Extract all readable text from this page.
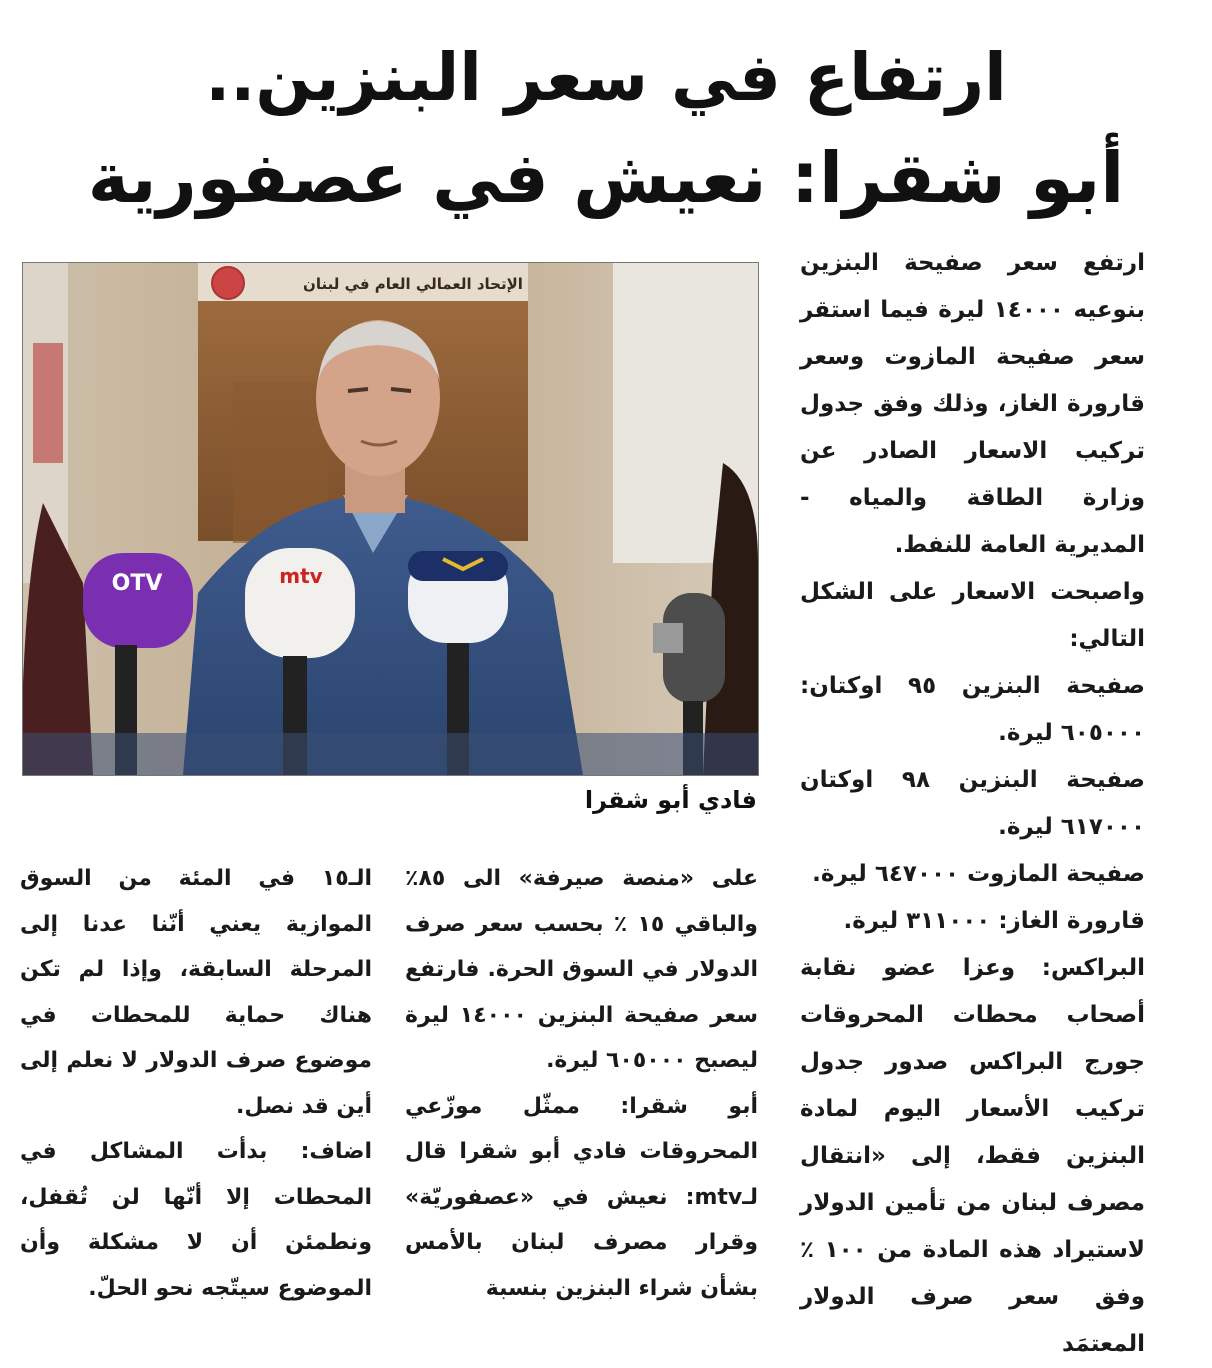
ارتفاع في سعر البنزين..
أبو شقرا: نعيش في عصفورية

ارتفع سعر صفيحة البنزين بنوعيه ١٤٠٠٠ ليرة فيما استقر سعر صفيحة المازوت وسعر قارورة الغاز، وذلك وفق جدول تركيب الاسعار الصادر عن وزارة الطاقة والمياه - المديرية العامة للنفط.

واصبحت الاسعار على الشكل التالي:

صفيحة البنزين ٩٥ اوكتان: ٦٠٥٠٠٠ ليرة.

صفيحة البنزين ٩٨ اوكتان ٦١٧٠٠٠ ليرة.

صفيحة المازوت ٦٤٧٠٠٠ ليرة.

قارورة الغاز: ٣١١٠٠٠ ليرة.

البراكس: وعزا عضو نقابة أصحاب محطات المحروقات جورج البراكس صدور جدول تركيب الأسعار اليوم لمادة البنزين فقط، إلى «انتقال مصرف لبنان من تأمين الدولار لاستيراد هذه المادة من ١٠٠ ٪ وفق سعر صرف الدولار المعتمَد

الإتحاد العمالي العام في لبنان
OTV	mtv
فادي أبو شقرا

على «منصة صيرفة» الى ٨٥٪ والباقي ١٥ ٪ بحسب سعر صرف الدولار في السوق الحرة. فارتفع سعر صفيحة البنزين ١٤٠٠٠ ليرة ليصبح ٦٠٥٠٠٠ ليرة.

أبو شقرا: ممثّل موزّعي المحروقات فادي أبو شقرا قال لـmtv: نعيش في «عصفوريّة» وقرار مصرف لبنان بالأمس بشأن شراء البنزين بنسبة

الـ١٥ في المئة من السوق الموازية يعني أنّنا عدنا إلى المرحلة السابقة، وإذا لم تكن هناك حماية للمحطات في موضوع صرف الدولار لا نعلم إلى أين قد نصل.

اضاف: بدأت المشاكل في المحطات إلا أنّها لن تُقفل، ونطمئن أن لا مشكلة وأن الموضوع سيتّجه نحو الحلّ.
